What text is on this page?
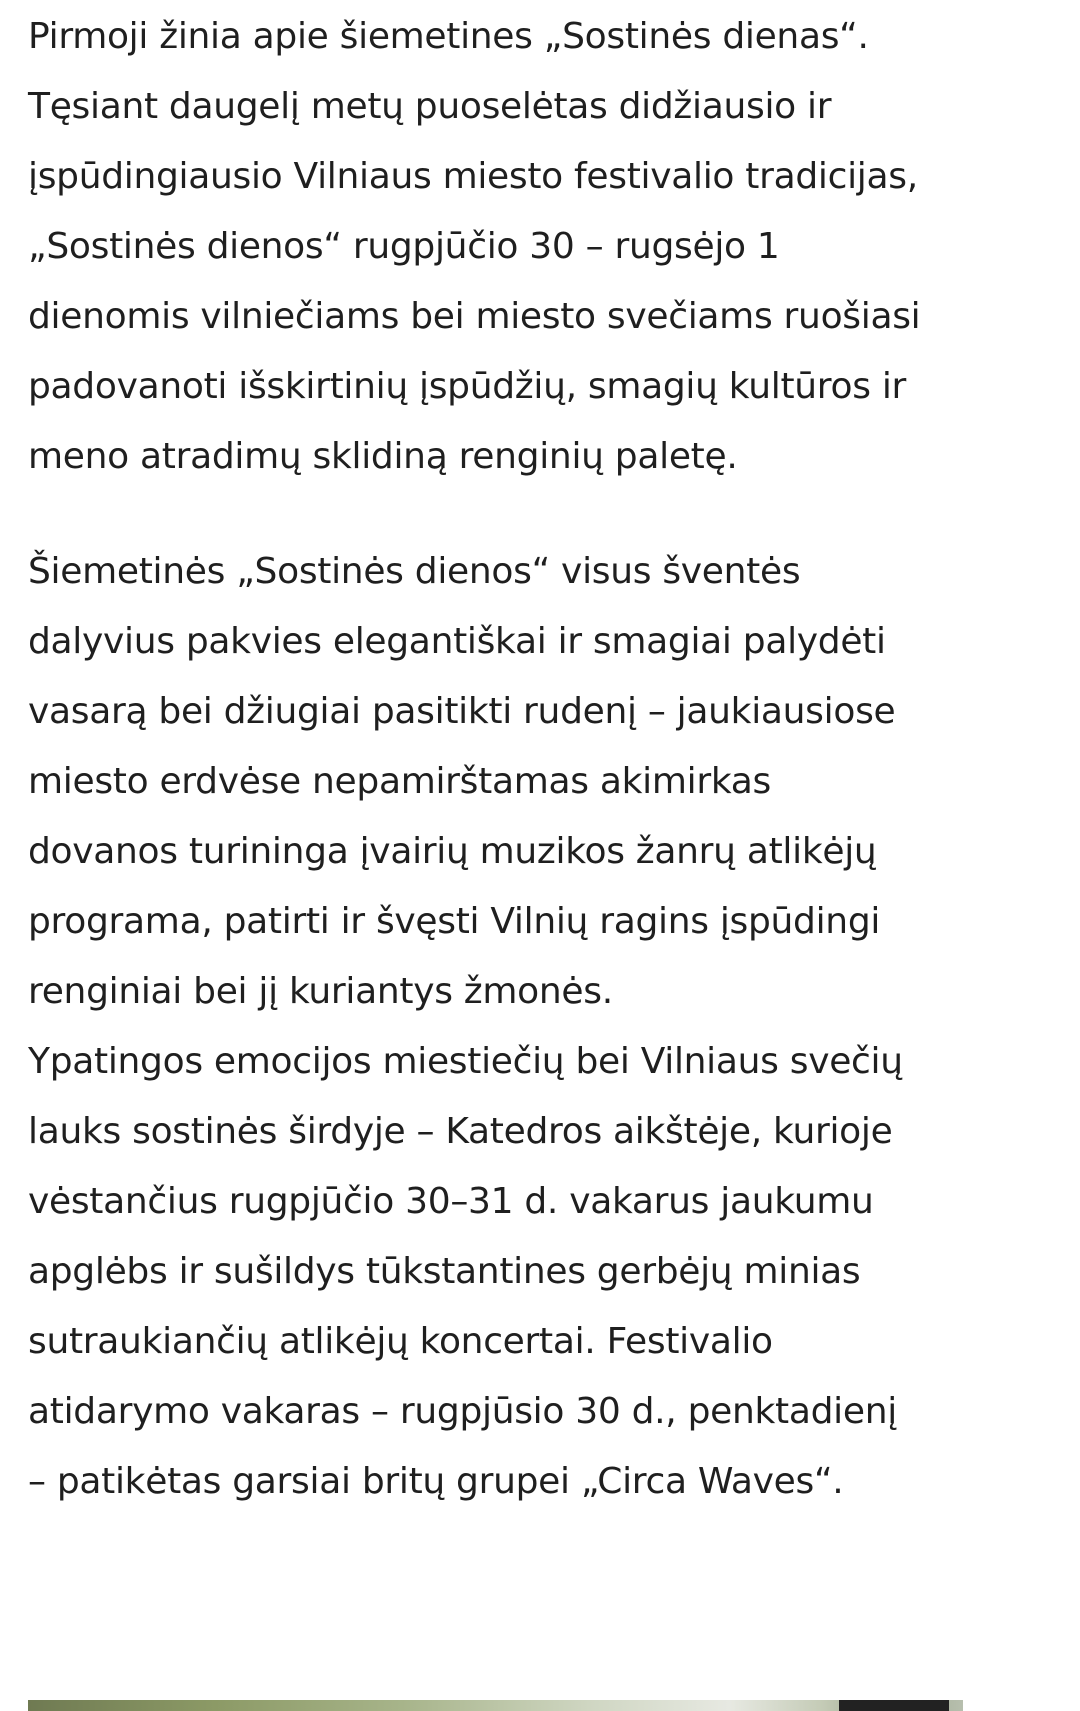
Pirmoji žinia apie šiemetines „Sostinės dienas“.

Tęsiant daugelį metų puoselėtas didžiausio ir

įspūdingiausio Vilniaus miesto festivalio tradicijas,

„Sostinės dienos“ rugpjūčio 30 – rugsėjo 1

dienomis vilniečiams bei miesto svečiams ruošiasi

padovanoti išskirtinių įspūdžių, smagių kultūros ir

meno atradimų sklidiną renginių paletę.

Šiemetinės „Sostinės dienos“ visus šventės

dalyvius pakvies elegantiškai ir smagiai palydėti

vasarą bei džiugiai pasitikti rudenį – jaukiausiose

miesto erdvėse nepamirštamas akimirkas

dovanos turininga įvairių muzikos žanrų atlikėjų

programa, patirti ir švęsti Vilnių ragins įspūdingi

renginiai bei jį kuriantys žmonės.

Ypatingos emocijos miestiečių bei Vilniaus svečių

lauks sostinės širdyje – Katedros aikštėje, kurioje

vėstančius rugpjūčio 30–31 d. vakarus jaukumu

apglėbs ir sušildys tūkstantines gerbėjų minias

sutraukiančių atlikėjų koncertai. Festivalio

atidarymo vakaras – rugpjūsio 30 d., penktadienį

– patikėtas garsiai britų grupei „Circa Waves“.
